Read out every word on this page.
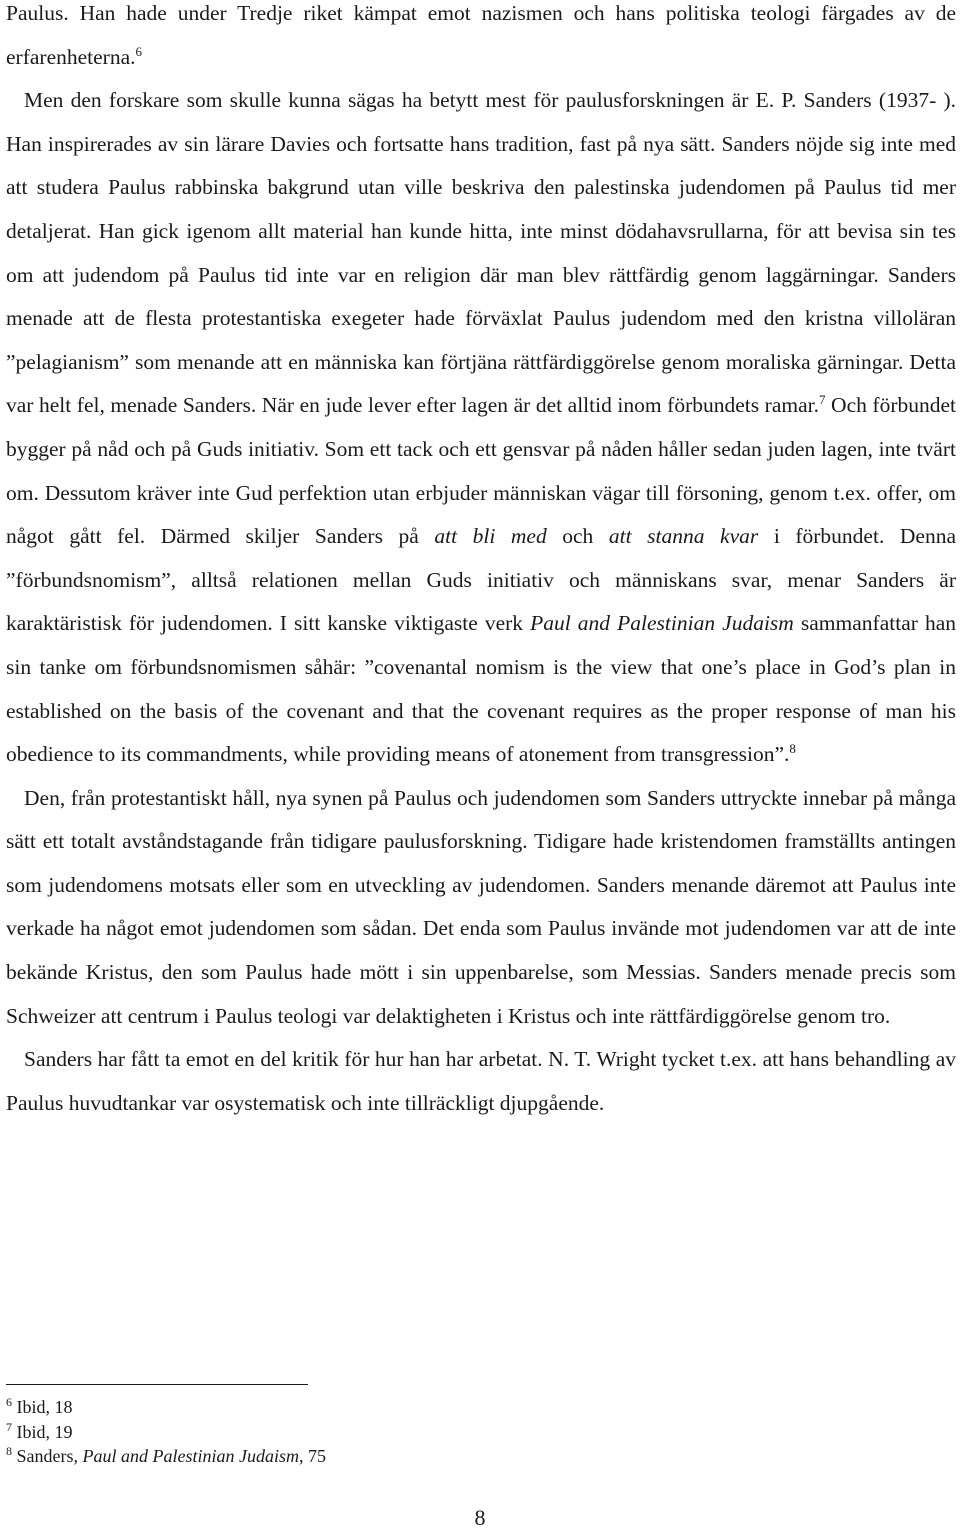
Paulus. Han hade under Tredje riket kämpat emot nazismen och hans politiska teologi färgades av de erfarenheterna.$^6$

Men den forskare som skulle kunna sägas ha betytt mest för paulusforskningen är E. P. Sanders (1937- ). Han inspirerades av sin lärare Davies och fortsatte hans tradition, fast på nya sätt. Sanders nöjde sig inte med att studera Paulus rabbinska bakgrund utan ville beskriva den palestinska judendomen på Paulus tid mer detaljerat. Han gick igenom allt material han kunde hitta, inte minst dödahavsrullarna, för att bevisa sin tes om att judendom på Paulus tid inte var en religion där man blev rättfärdig genom laggärningar. Sanders menade att de flesta protestantiska exegeter hade förväxlat Paulus judendom med den kristna villoläran ”pelagianism” som menande att en människa kan förtjäna rättfärdiggörelse genom moraliska gärningar. Detta var helt fel, menade Sanders. När en jude lever efter lagen är det alltid inom förbundets ramar.$^7$ Och förbundet bygger på nåd och på Guds initiativ. Som ett tack och ett gensvar på nåden håller sedan juden lagen, inte tvärt om. Dessutom kräver inte Gud perfektion utan erbjuder människan vägar till försoning, genom t.ex. offer, om något gått fel. Därmed skiljer Sanders på att bli med och att stanna kvar i förbundet. Denna ”förbundsnomism”, alltså relationen mellan Guds initiativ och människans svar, menar Sanders är karaktäristisk för judendomen. I sitt kanske viktigaste verk Paul and Palestinian Judaism sammanfattar han sin tanke om förbundsnomismen såhär: ”covenantal nomism is the view that one’s place in God’s plan in established on the basis of the covenant and that the covenant requires as the proper response of man his obedience to its commandments, while providing means of atonement from transgression”.$^8$

Den, från protestantiskt håll, nya synen på Paulus och judendomen som Sanders uttryckte innebar på många sätt ett totalt avståndstagande från tidigare paulusforskning. Tidigare hade kristendomen framställts antingen som judendomens motsats eller som en utveckling av judendomen. Sanders menande däremot att Paulus inte verkade ha något emot judendomen som sådan. Det enda som Paulus invände mot judendomen var att de inte bekände Kristus, den som Paulus hade mött i sin uppenbarelse, som Messias. Sanders menade precis som Schweizer att centrum i Paulus teologi var delaktigheten i Kristus och inte rättfärdiggörelse genom tro.

Sanders har fått ta emot en del kritik för hur han har arbetat. N. T. Wright tycket t.ex. att hans behandling av Paulus huvudtankar var osystematisk och inte tillräckligt djupgående.

$^6$ Ibid, 18
$^7$ Ibid, 19
$^8$ Sanders, Paul and Palestinian Judaism, 75
8
